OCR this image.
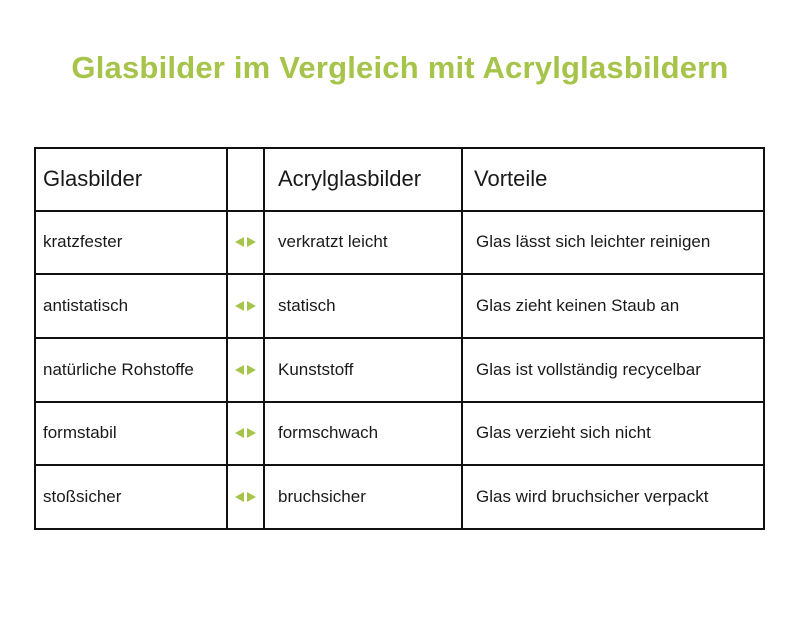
Glasbilder im Vergleich mit Acrylglasbildern
Glasbilder		Acrylglasbilder	Vorteile
kratzfester		verkratzt leicht	Glas lässt sich leichter reinigen
antistatisch		statisch	Glas zieht keinen Staub an
natürliche Rohstoffe		Kunststoff	Glas ist vollständig recycelbar
formstabil		formschwach	Glas verzieht sich nicht
stoßsicher		bruchsicher	Glas wird bruchsicher verpackt
